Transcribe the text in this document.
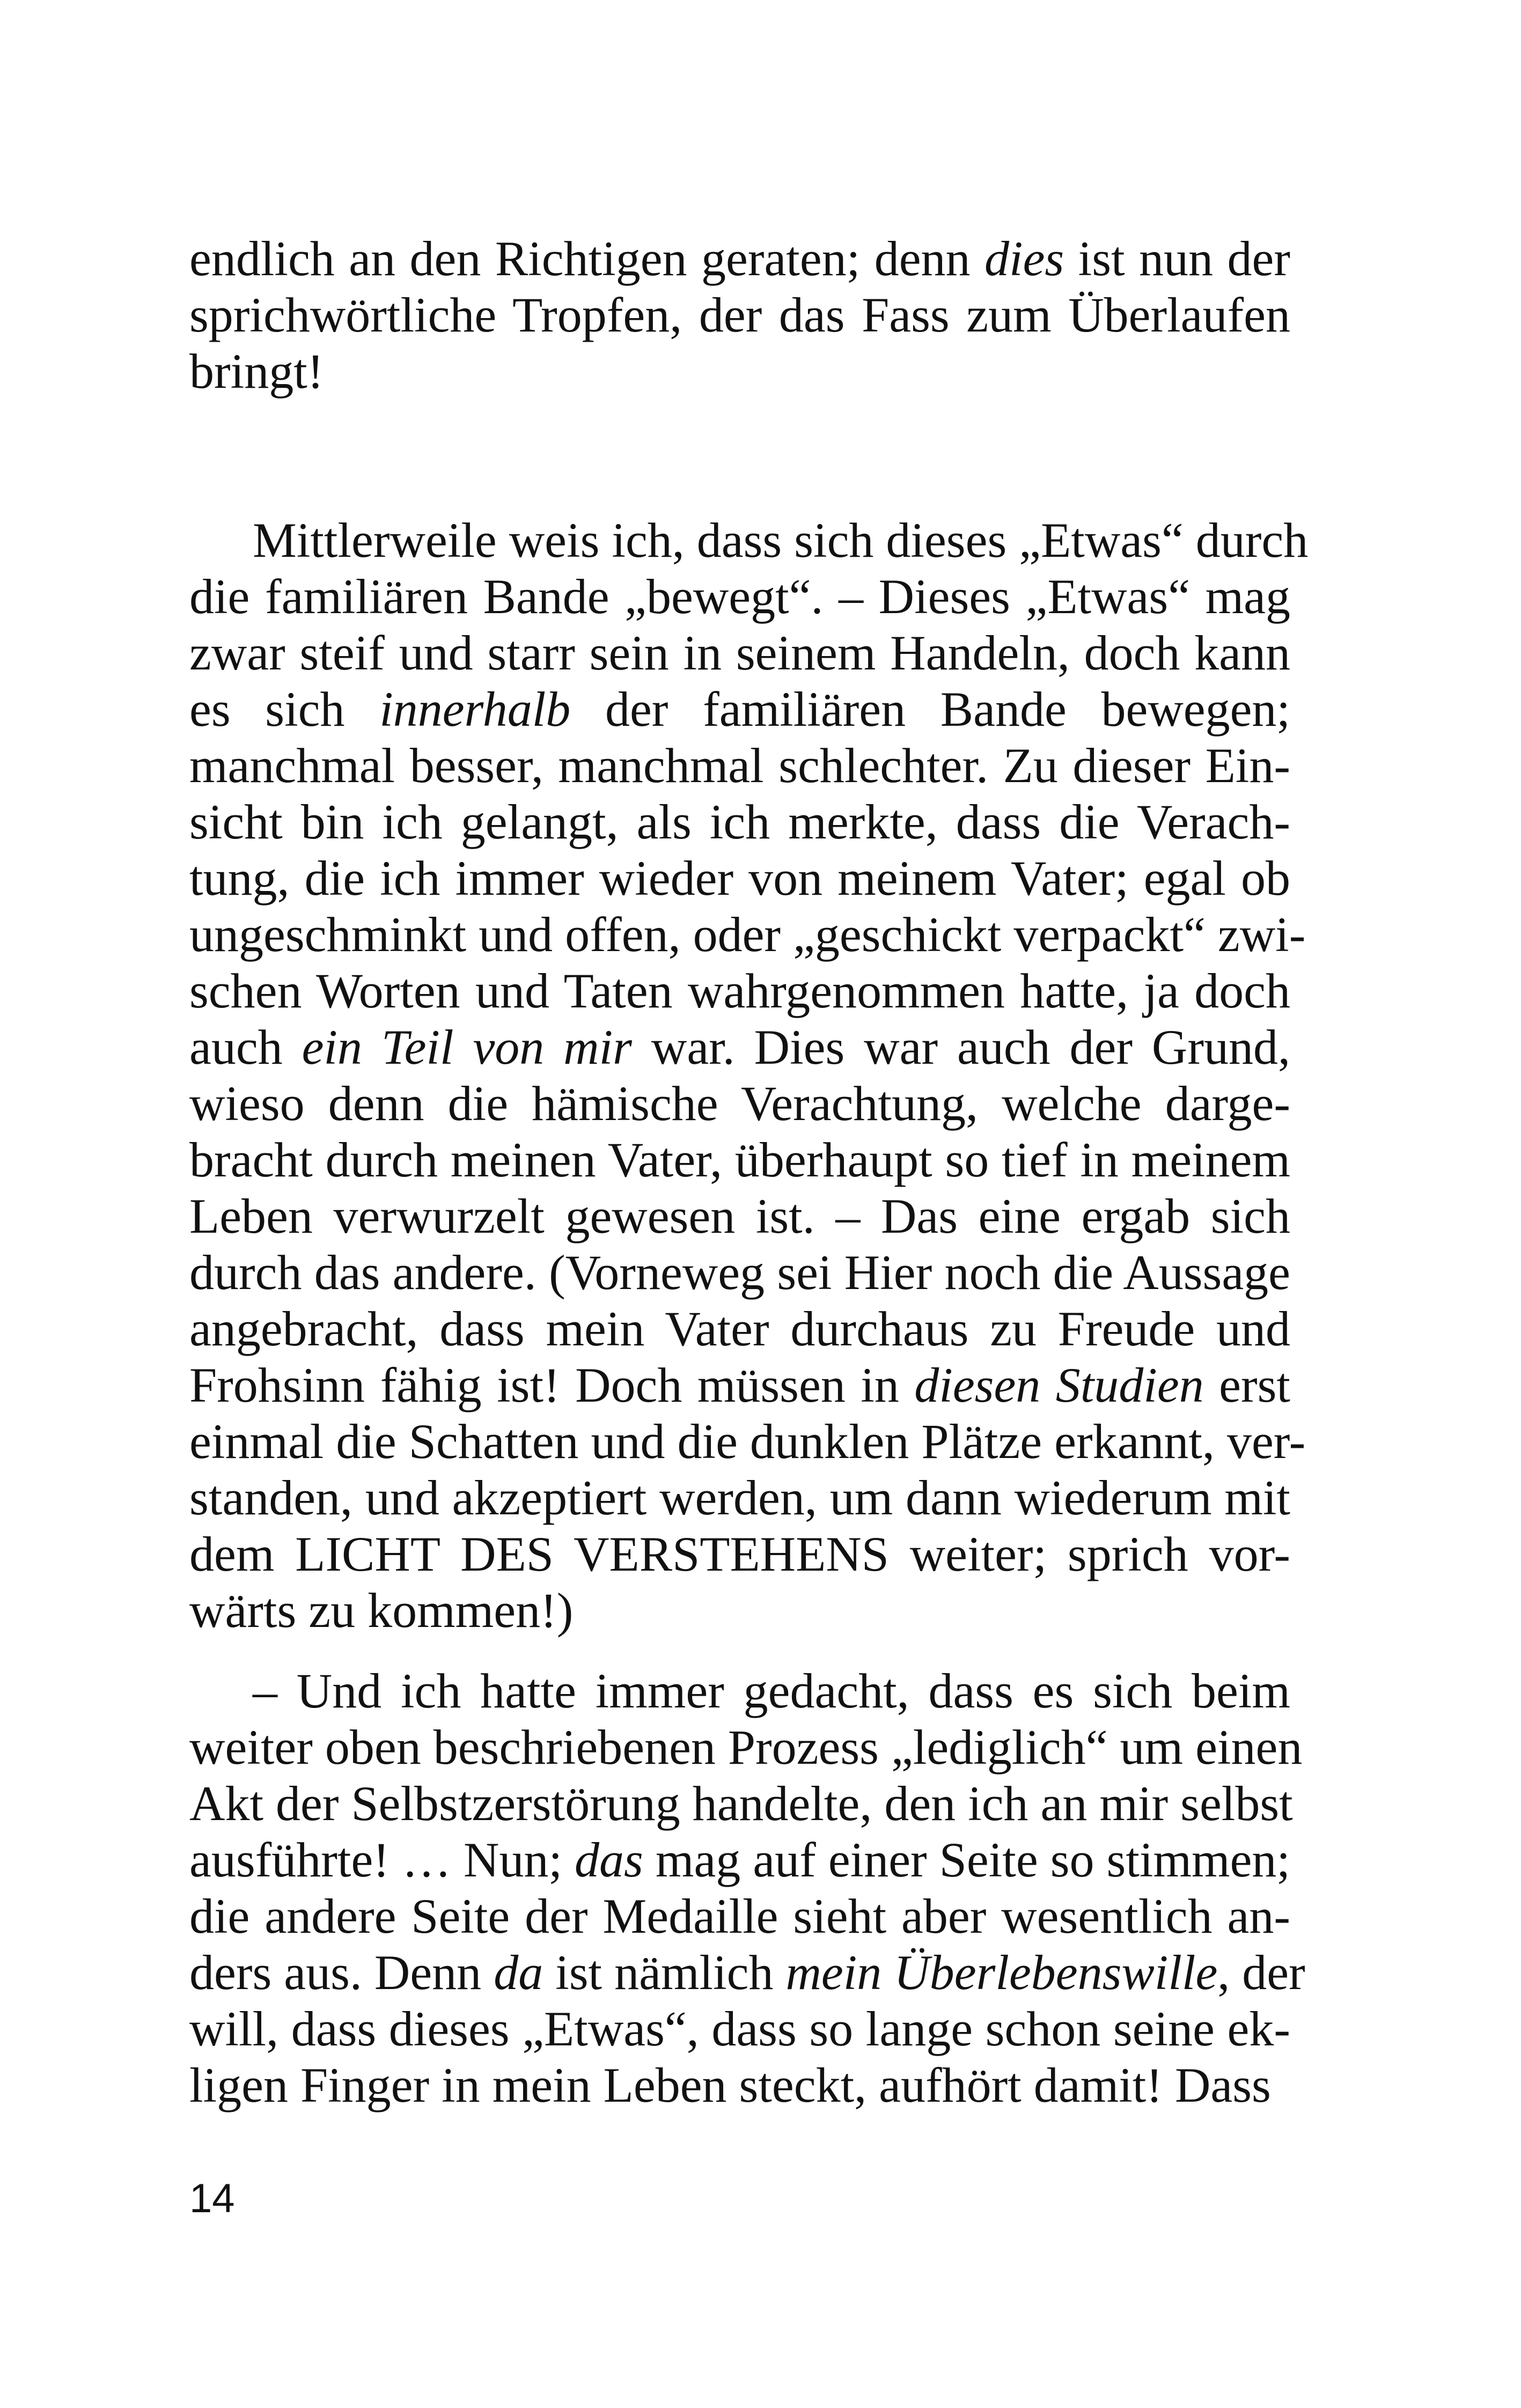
endlich an den Richtigen geraten; denn dies ist nun der
sprichwörtliche Tropfen, der das Fass zum Überlaufen
bringt!

Mittlerweile weis ich, dass sich dieses „Etwas“ durch
die familiären Bande „bewegt“. – Dieses „Etwas“ mag
zwar steif und starr sein in seinem Handeln, doch kann
es sich innerhalb der familiären Bande bewegen;
manchmal besser, manchmal schlechter. Zu dieser Ein-
sicht bin ich gelangt, als ich merkte, dass die Verach-
tung, die ich immer wieder von meinem Vater; egal ob
ungeschminkt und offen, oder „geschickt verpackt“ zwi-
schen Worten und Taten wahrgenommen hatte, ja doch
auch ein Teil von mir war. Dies war auch der Grund,
wieso denn die hämische Verachtung, welche darge-
bracht durch meinen Vater, überhaupt so tief in meinem
Leben verwurzelt gewesen ist. – Das eine ergab sich
durch das andere. (Vorneweg sei Hier noch die Aussage
angebracht, dass mein Vater durchaus zu Freude und
Frohsinn fähig ist! Doch müssen in diesen Studien erst
einmal die Schatten und die dunklen Plätze erkannt, ver-
standen, und akzeptiert werden, um dann wiederum mit
dem LICHT DES VERSTEHENS weiter; sprich vor-
wärts zu kommen!)

– Und ich hatte immer gedacht, dass es sich beim
weiter oben beschriebenen Prozess „lediglich“ um einen
Akt der Selbstzerstörung handelte, den ich an mir selbst
ausführte! … Nun; das mag auf einer Seite so stimmen;
die andere Seite der Medaille sieht aber wesentlich an-
ders aus. Denn da ist nämlich mein Überlebenswille, der
will, dass dieses „Etwas“, dass so lange schon seine ek-
ligen Finger in mein Leben steckt, aufhört damit! Dass

14
